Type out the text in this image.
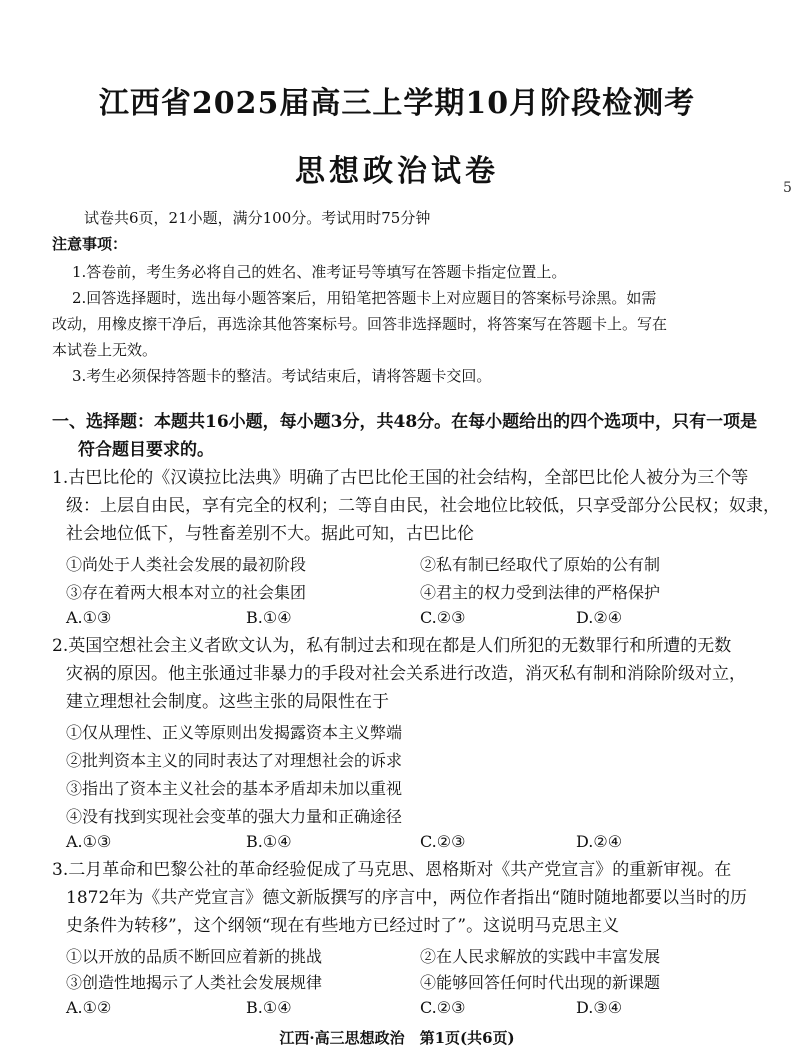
5
江西省2025届高三上学期10月阶段检测考
思想政治试卷
试卷共6页，21小题，满分100分。考试用时75分钟
注意事项：
1.答卷前，考生务必将自己的姓名、准考证号等填写在答题卡指定位置上。
2.回答选择题时，选出每小题答案后，用铅笔把答题卡上对应题目的答案标号涂黑。如需
改动，用橡皮擦干净后，再选涂其他答案标号。回答非选择题时，将答案写在答题卡上。写在
本试卷上无效。
3.考生必须保持答题卡的整洁。考试结束后，请将答题卡交回。
一、选择题：本题共16小题，每小题3分，共48分。在每小题给出的四个选项中，只有一项是
符合题目要求的。
1.古巴比伦的《汉谟拉比法典》明确了古巴比伦王国的社会结构，全部巴比伦人被分为三个等
级：上层自由民，享有完全的权利；二等自由民，社会地位比较低，只享受部分公民权；奴隶，
社会地位低下，与牲畜差别不大。据此可知，古巴比伦
①尚处于人类社会发展的最初阶段	②私有制已经取代了原始的公有制
③存在着两大根本对立的社会集团	④君主的权力受到法律的严格保护
A.①③	B.①④	C.②③	D.②④
2.英国空想社会主义者欧文认为，私有制过去和现在都是人们所犯的无数罪行和所遭的无数
灾祸的原因。他主张通过非暴力的手段对社会关系进行改造，消灭私有制和消除阶级对立，
建立理想社会制度。这些主张的局限性在于
①仅从理性、正义等原则出发揭露资本主义弊端
②批判资本主义的同时表达了对理想社会的诉求
③指出了资本主义社会的基本矛盾却未加以重视
④没有找到实现社会变革的强大力量和正确途径
A.①③	B.①④	C.②③	D.②④
3.二月革命和巴黎公社的革命经验促成了马克思、恩格斯对《共产党宣言》的重新审视。在
1872年为《共产党宣言》德文新版撰写的序言中，两位作者指出“随时随地都要以当时的历
史条件为转移”，这个纲领“现在有些地方已经过时了”。这说明马克思主义
①以开放的品质不断回应着新的挑战	②在人民求解放的实践中丰富发展
③创造性地揭示了人类社会发展规律	④能够回答任何时代出现的新课题
A.①②	B.①④	C.②③	D.③④
江西·高三思想政治　第1页(共6页)
